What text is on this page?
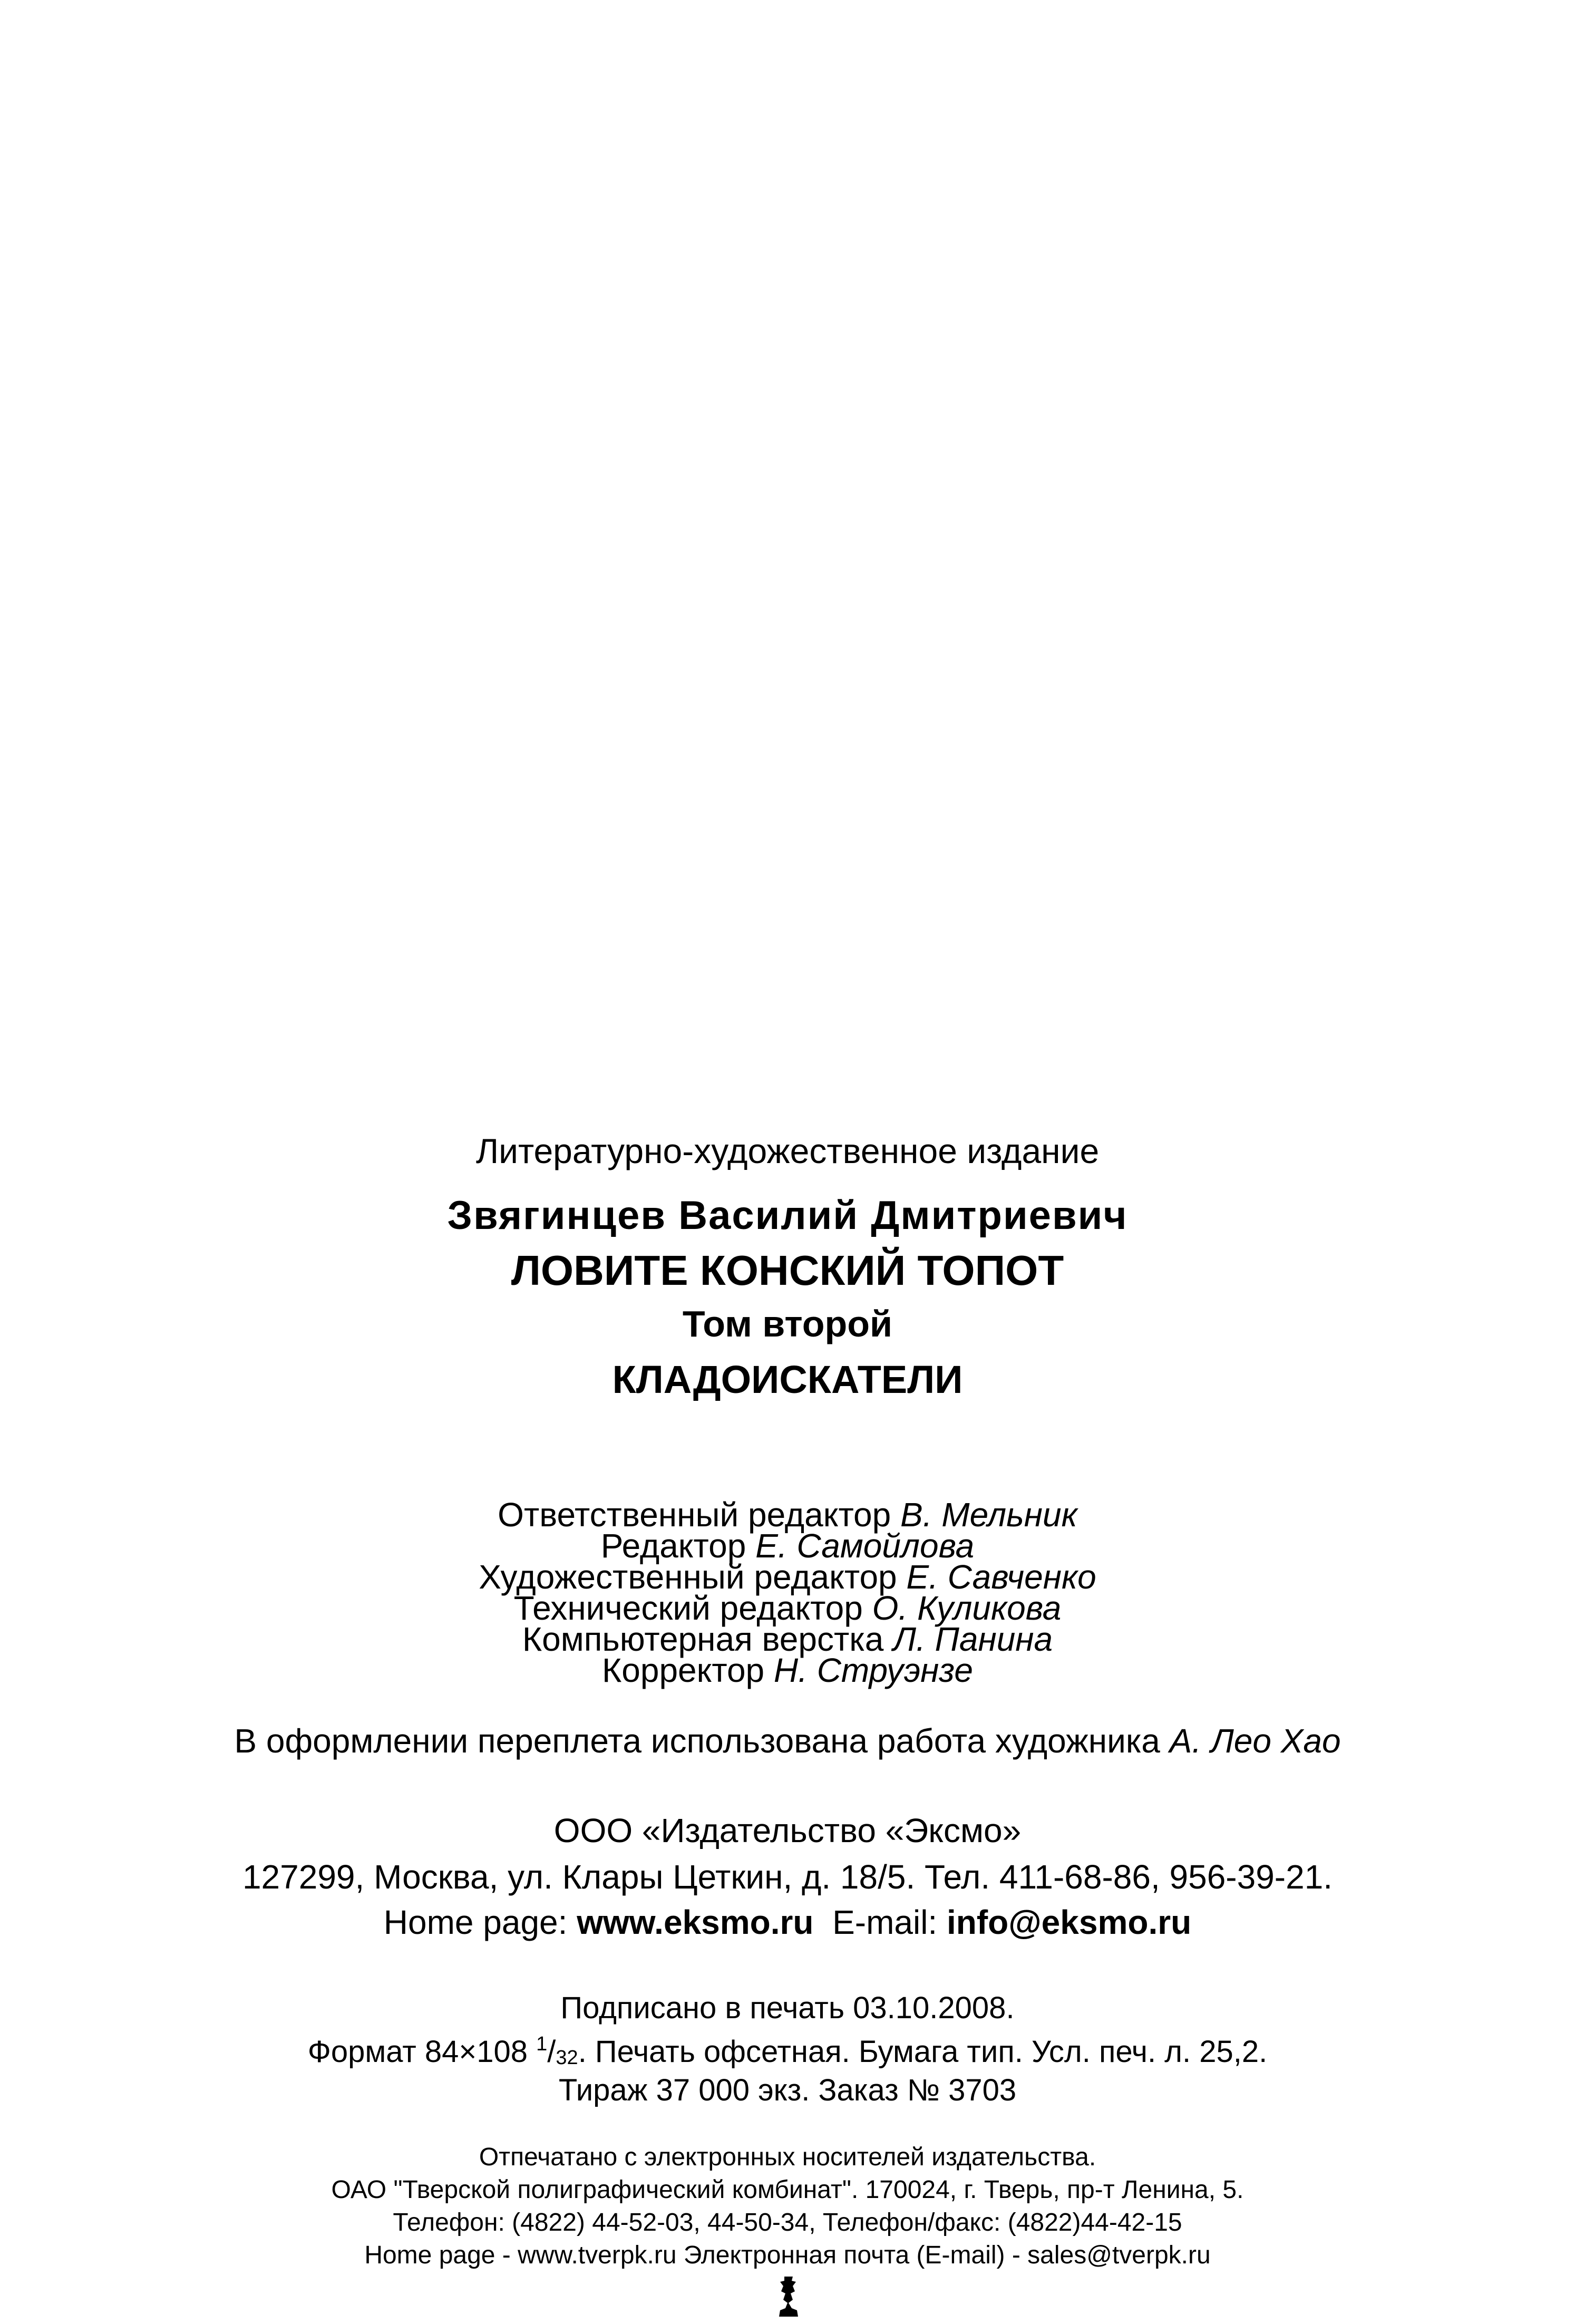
Литературно-художественное издание
Звягинцев Василий Дмитриевич
ЛОВИТЕ КОНСКИЙ ТОПОТ
Том второй
КЛАДОИСКАТЕЛИ
Ответственный редактор В. Мельник
Редактор Е. Самойлова
Художественный редактор Е. Савченко
Технический редактор О. Куликова
Компьютерная верстка Л. Панина
Корректор Н. Струэнзе
В оформлении переплета использована работа художника А. Лео Хао
ООО «Издательство «Эксмо»
127299, Москва, ул. Клары Цеткин, д. 18/5. Тел. 411-68-86, 956-39-21.
Home page: www.eksmo.ru  E-mail: info@eksmo.ru
Подписано в печать 03.10.2008.
Формат 84×108 $^1/_{32}$. Печать офсетная. Бумага тип. Усл. печ. л. 25,2.
Тираж 37 000 экз. Заказ № 3703
Отпечатано с электронных носителей издательства.
ОАО "Тверской полиграфический комбинат". 170024, г. Тверь, пр-т Ленина, 5.
Телефон: (4822) 44-52-03, 44-50-34, Телефон/факс: (4822)44-42-15
Home page - www.tverpk.ru Электронная почта (E-mail) - sales@tverpk.ru
